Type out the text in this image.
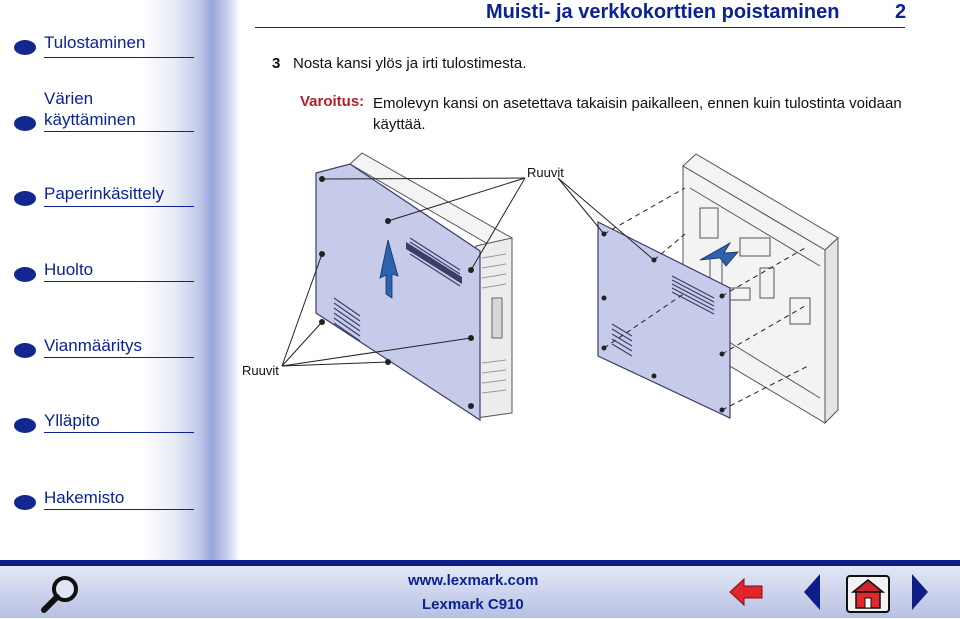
Tulostaminen
Värien
käyttäminen
Paperinkäsittely
Huolto
Vianmääritys
Ylläpito
Hakemisto
Muisti- ja verkkokorttien poistaminen	2
3 Nosta kansi ylös ja irti tulostimesta.
Varoitus: Emolevyn kansi on asetettava takaisin paikalleen, ennen kuin tulostinta voidaan käyttää.
Ruuvit
Ruuvit
www.lexmark.com
Lexmark C910
